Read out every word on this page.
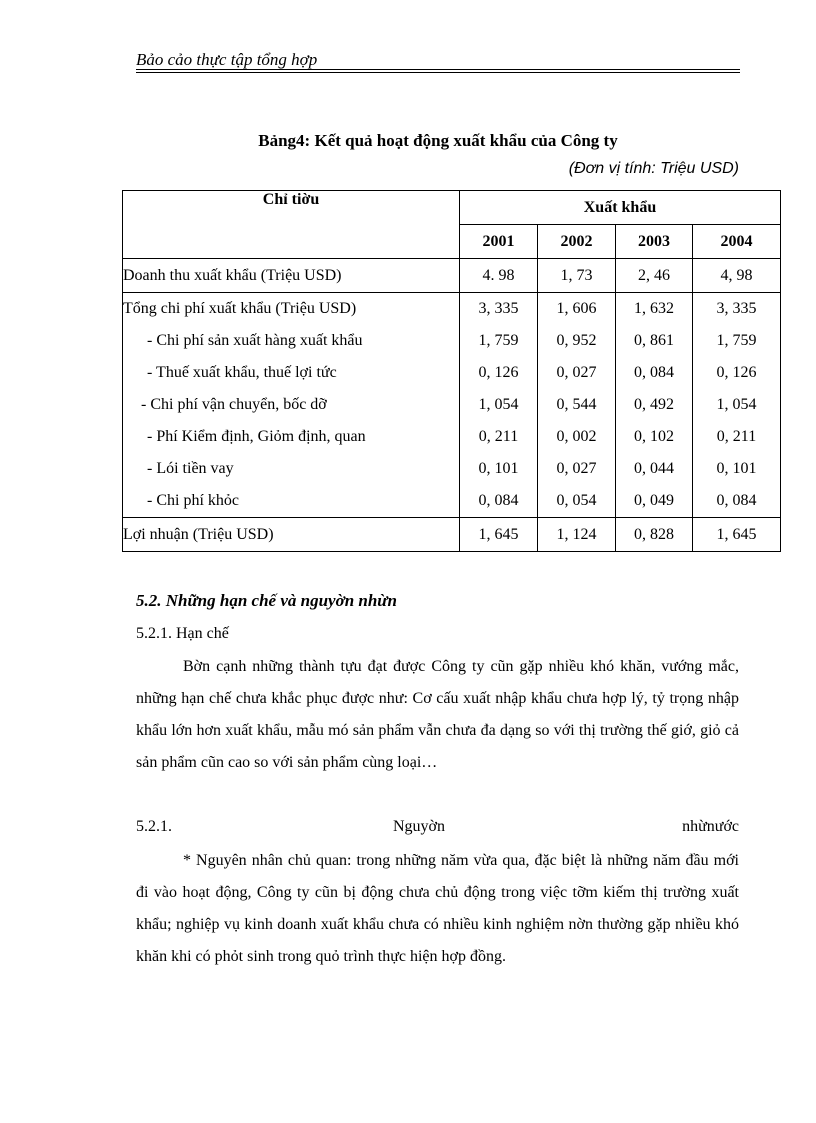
Bảo cảo thực tập tổng hợp
Bảng4: Kết quả hoạt động xuất khẩu của Công ty
(Đơn vị tính: Triệu USD)
Chỉ tiờu	Xuất khẩu			
	2001	2002	2003	2004
Doanh thu xuất khẩu (Triệu USD)	4. 98	1, 73	2, 46	4, 98
Tổng chi phí xuất khẩu (Triệu USD)	3, 335	1, 606	1, 632	3, 335
- Chi phí sản xuất hàng xuất khẩu	1, 759	0, 952	0, 861	1, 759
- Thuế xuất khẩu, thuế lợi tức	0, 126	0, 027	0, 084	0, 126
- Chi phí vận chuyển, bốc dỡ	1, 054	0, 544	0, 492	1, 054
- Phí Kiểm định, Giỏm định, quan	0, 211	0, 002	0, 102	0, 211
- Lói tiền vay	0, 101	0, 027	0, 044	0, 101
- Chi phí khỏc	0, 084	0, 054	0, 049	0, 084
Lợi nhuận (Triệu USD)	1, 645	1, 124	0, 828	1, 645
5.2. Những hạn chế và nguyờn nhừn
5.2.1. Hạn chế

Bờn cạnh những thành tựu đạt được Công ty cũn gặp nhiều khó khăn, vướng mắc, những hạn chế chưa khắc phục được như: Cơ cấu xuất nhập khẩu chưa hợp lý, tỷ trọng nhập khẩu lớn hơn xuất khẩu, mẫu mó sản phẩm vẫn chưa đa dạng so với thị trường thế giớ, giỏ cả sản phẩm cũn cao so với sản phẩm cùng loại…

5.2.1.	Nguyờn	nhừnước

* Nguyên nhân chủ quan: trong những năm vừa qua, đặc biệt là những năm đầu mới đi vào hoạt động, Công ty cũn bị động chưa chủ động trong việc tỡm kiếm thị trường xuất khẩu; nghiệp vụ kinh doanh xuất khẩu chưa có nhiều kinh nghiệm nờn thường gặp nhiều khó khăn khi có phỏt sinh trong quỏ trình thực hiện hợp đồng.
